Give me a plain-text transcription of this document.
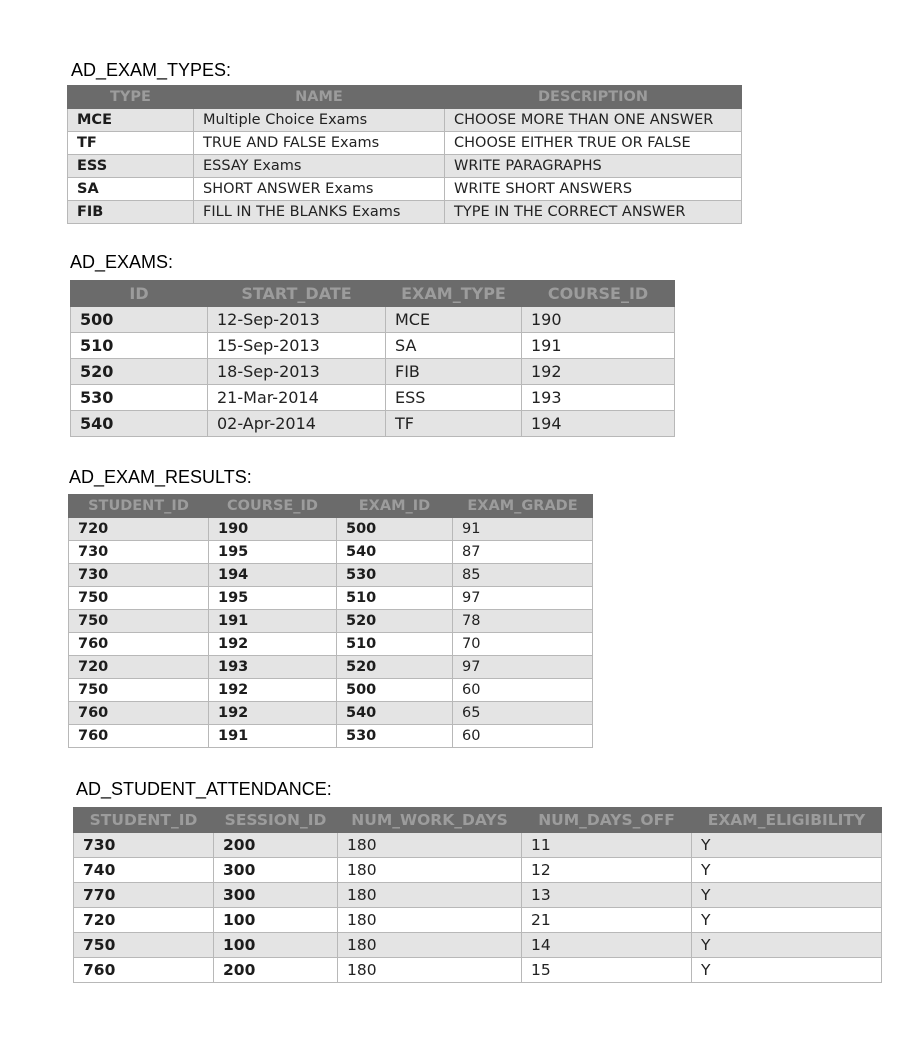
AD_EXAM_TYPES:
TYPE	NAME	DESCRIPTION
MCE	Multiple Choice Exams	CHOOSE MORE THAN ONE ANSWER
TF	TRUE AND FALSE Exams	CHOOSE EITHER TRUE OR FALSE
ESS	ESSAY Exams	WRITE PARAGRAPHS
SA	SHORT ANSWER Exams	WRITE SHORT ANSWERS
FIB	FILL IN THE BLANKS Exams	TYPE IN THE CORRECT ANSWER
AD_EXAMS:
ID	START_DATE	EXAM_TYPE	COURSE_ID
500	12-Sep-2013	MCE	190
510	15-Sep-2013	SA	191
520	18-Sep-2013	FIB	192
530	21-Mar-2014	ESS	193
540	02-Apr-2014	TF	194
AD_EXAM_RESULTS:
STUDENT_ID	COURSE_ID	EXAM_ID	EXAM_GRADE
720	190	500	91
730	195	540	87
730	194	530	85
750	195	510	97
750	191	520	78
760	192	510	70
720	193	520	97
750	192	500	60
760	192	540	65
760	191	530	60
AD_STUDENT_ATTENDANCE:
STUDENT_ID	SESSION_ID	NUM_WORK_DAYS	NUM_DAYS_OFF	EXAM_ELIGIBILITY
730	200	180	11	Y
740	300	180	12	Y
770	300	180	13	Y
720	100	180	21	Y
750	100	180	14	Y
760	200	180	15	Y
